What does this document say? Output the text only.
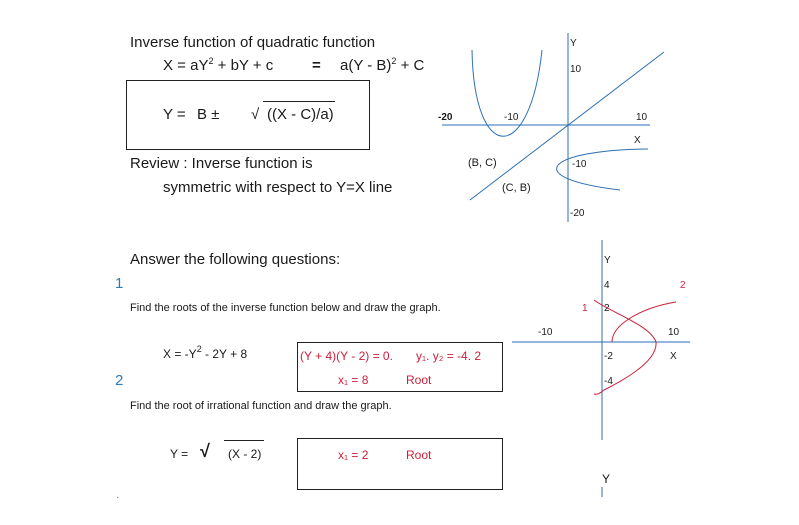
Inverse function of quadratic function
$X = aY^2$ + bY + c	= a(Y - B)$^2$ + C
Y = B ± √ ((X - C)/a)
Review : Inverse function is
symmetric with respect to Y=X line
Y
10
-20	-10	10
X
-10
-20
(B, C)
(C, B)
Answer the following questions:
1
Find the roots of the inverse function below and draw the graph.
$X = -Y^2 - 2Y + 8$	(Y + 4)(Y - 2) = 0. y₁. y₂ = -4. 2
x₁ = 8	Root
2
Find the root of irrational function and draw the graph.
Y = √ (X - 2)	x₁ = 2	Root
·
Y
4	2
1 2
-10	10
-2	X
-4
Y
